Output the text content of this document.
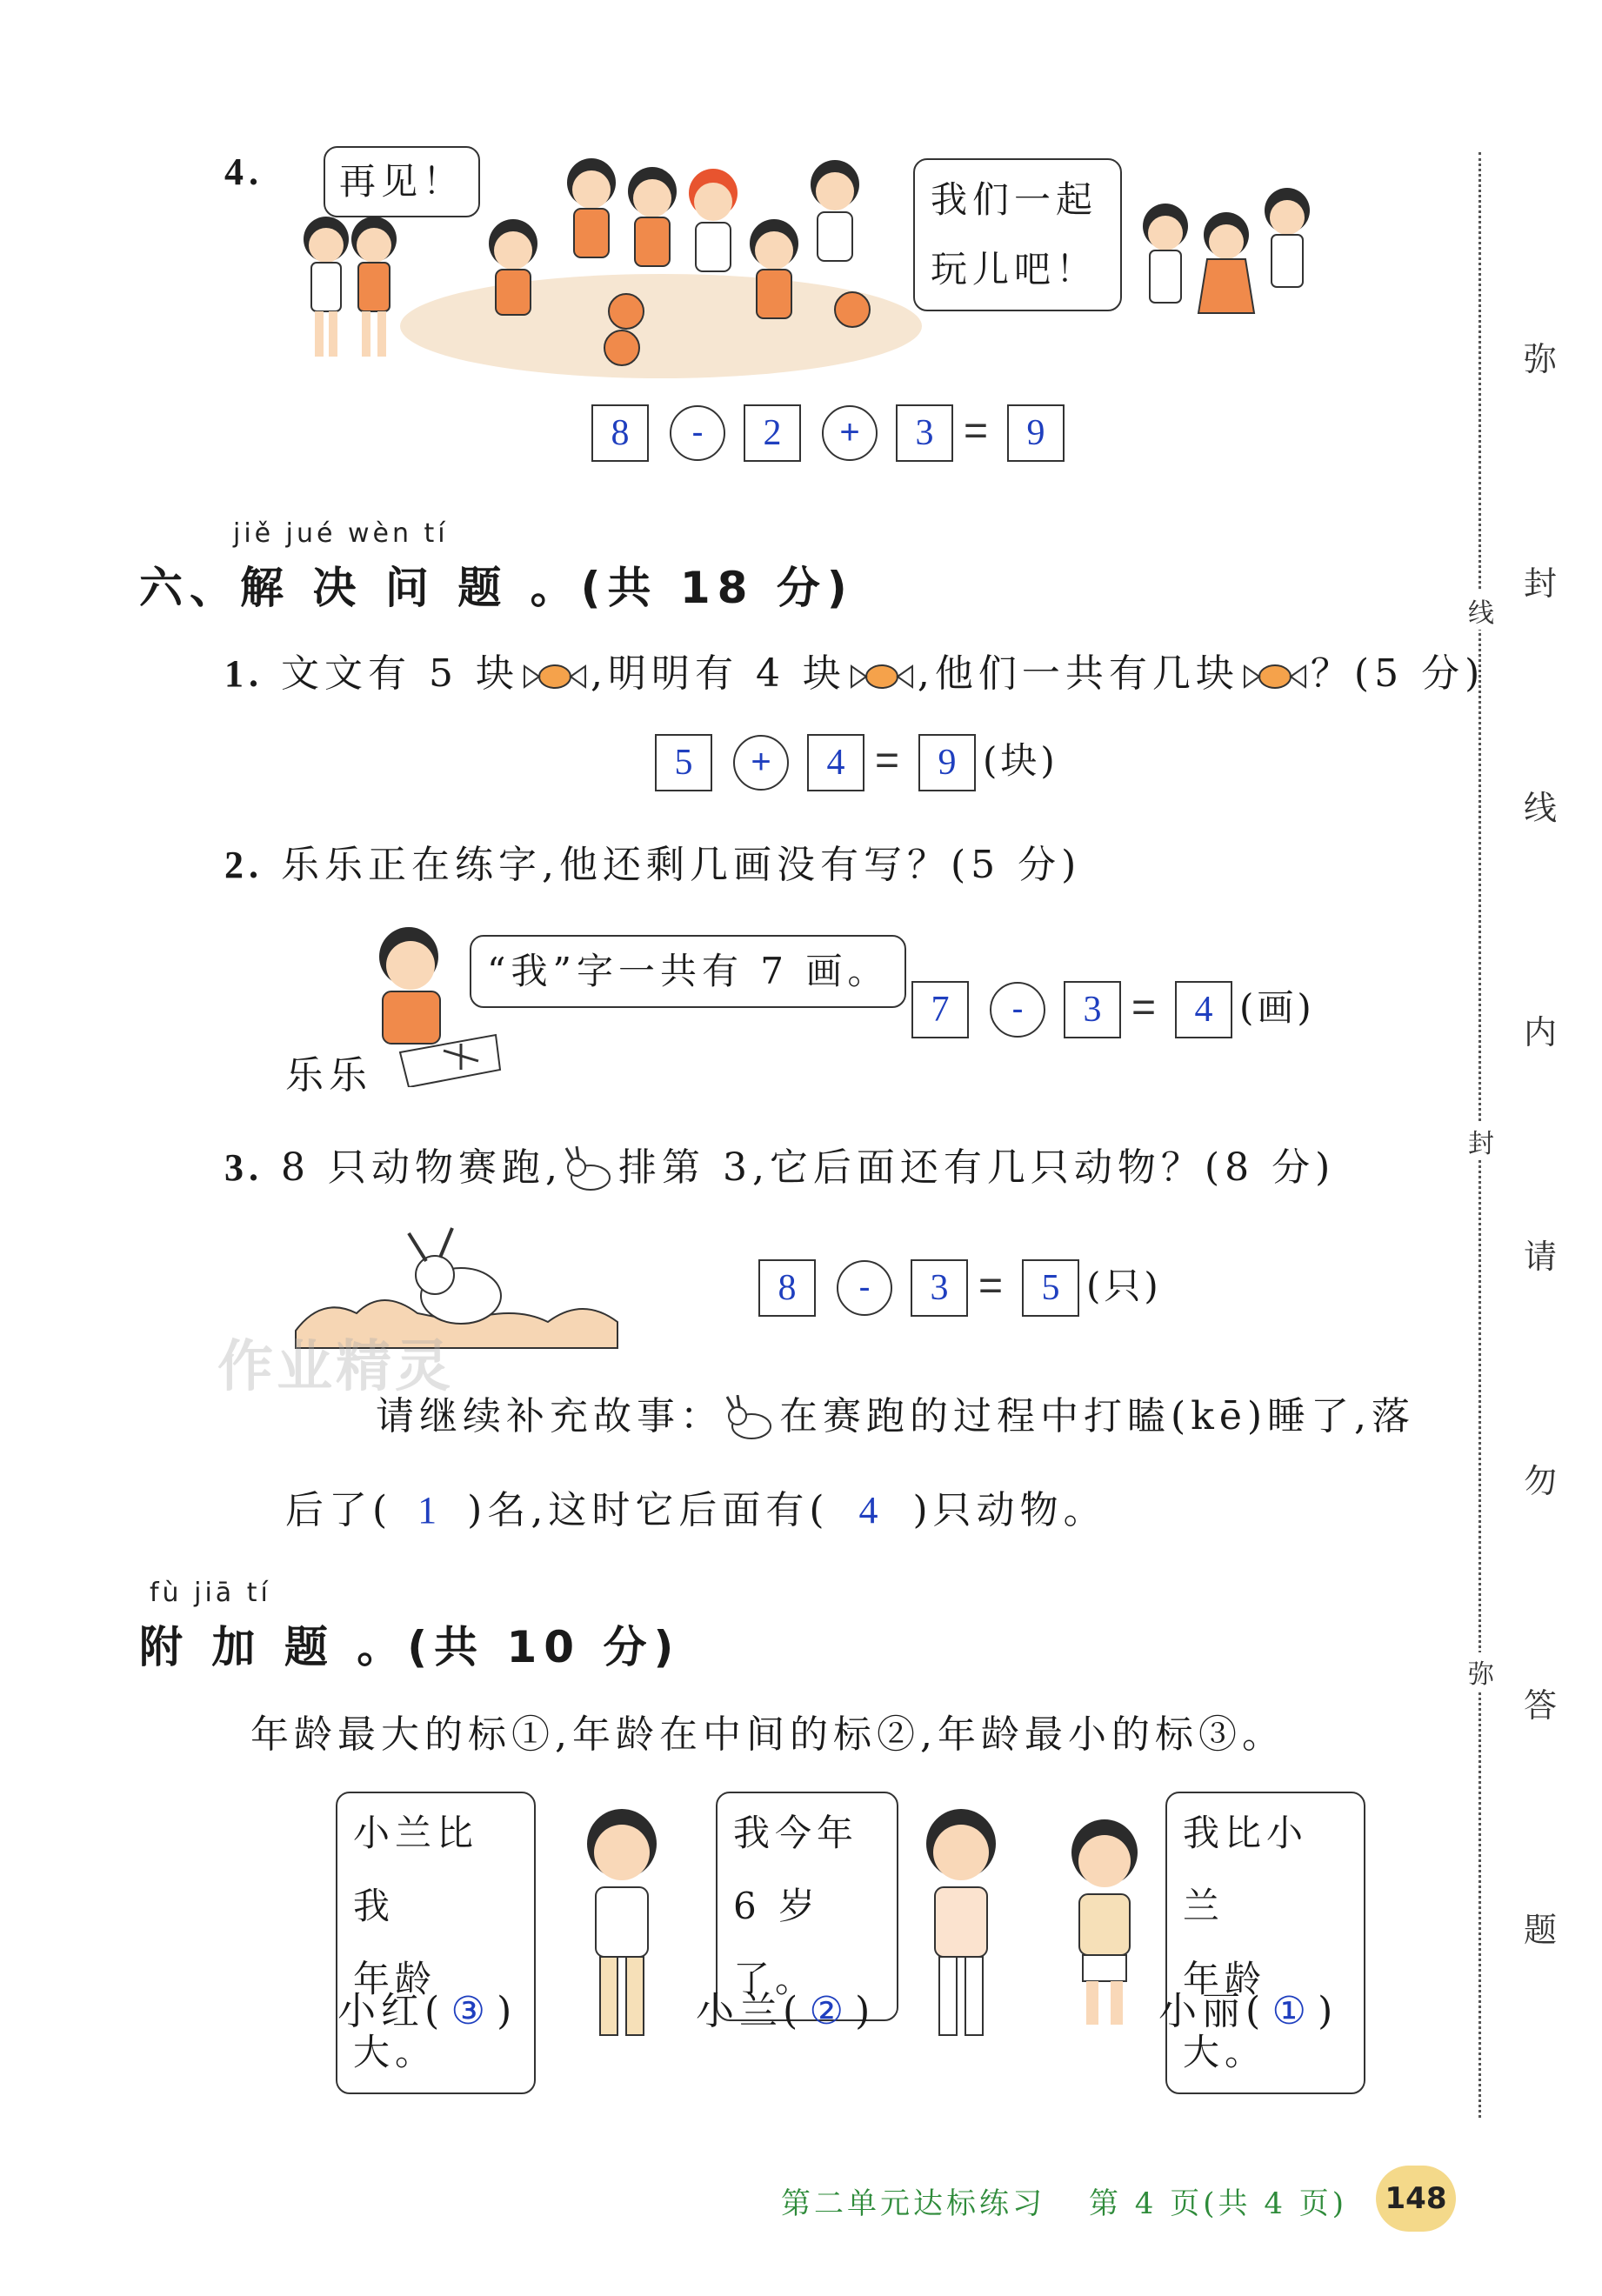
4.	再见！	我们一起
玩儿吧！
8	-	2	+	3 =	9
jiě jué wèn tí
六、解 决 问 题 。(共 18 分)
1. 文文有 5 块 ,明明有 4 块 ,他们一共有几块 ？(5 分)
5	+	4 =	9 (块)
2. 乐乐正在练字,他还剩几画没有写？(5 分)
“我”字一共有 7 画。
乐乐
7	-	3 =	4 (画)
3. 8 只动物赛跑, 排第 3,它后面还有几只动物？(8 分)
8	-	3 =	5 (只)
请继续补充故事： 在赛跑的过程中打瞌(kē)睡了,落
后了( 1 )名,这时它后面有( 4 )只动物。
fù jiā tí
附 加 题 。(共 10 分)
年龄最大的标①,年龄在中间的标②,年龄最小的标③。
小兰比我
年龄大。
我今年
6 岁了。
我比小兰
年龄大。
小红( ③ )	小兰( ② )	小丽( ① )
弥
封
线
内
请
勿
答
题
线
封
弥
作业精灵
第二单元达标练习 第 4 页(共 4 页)	148
